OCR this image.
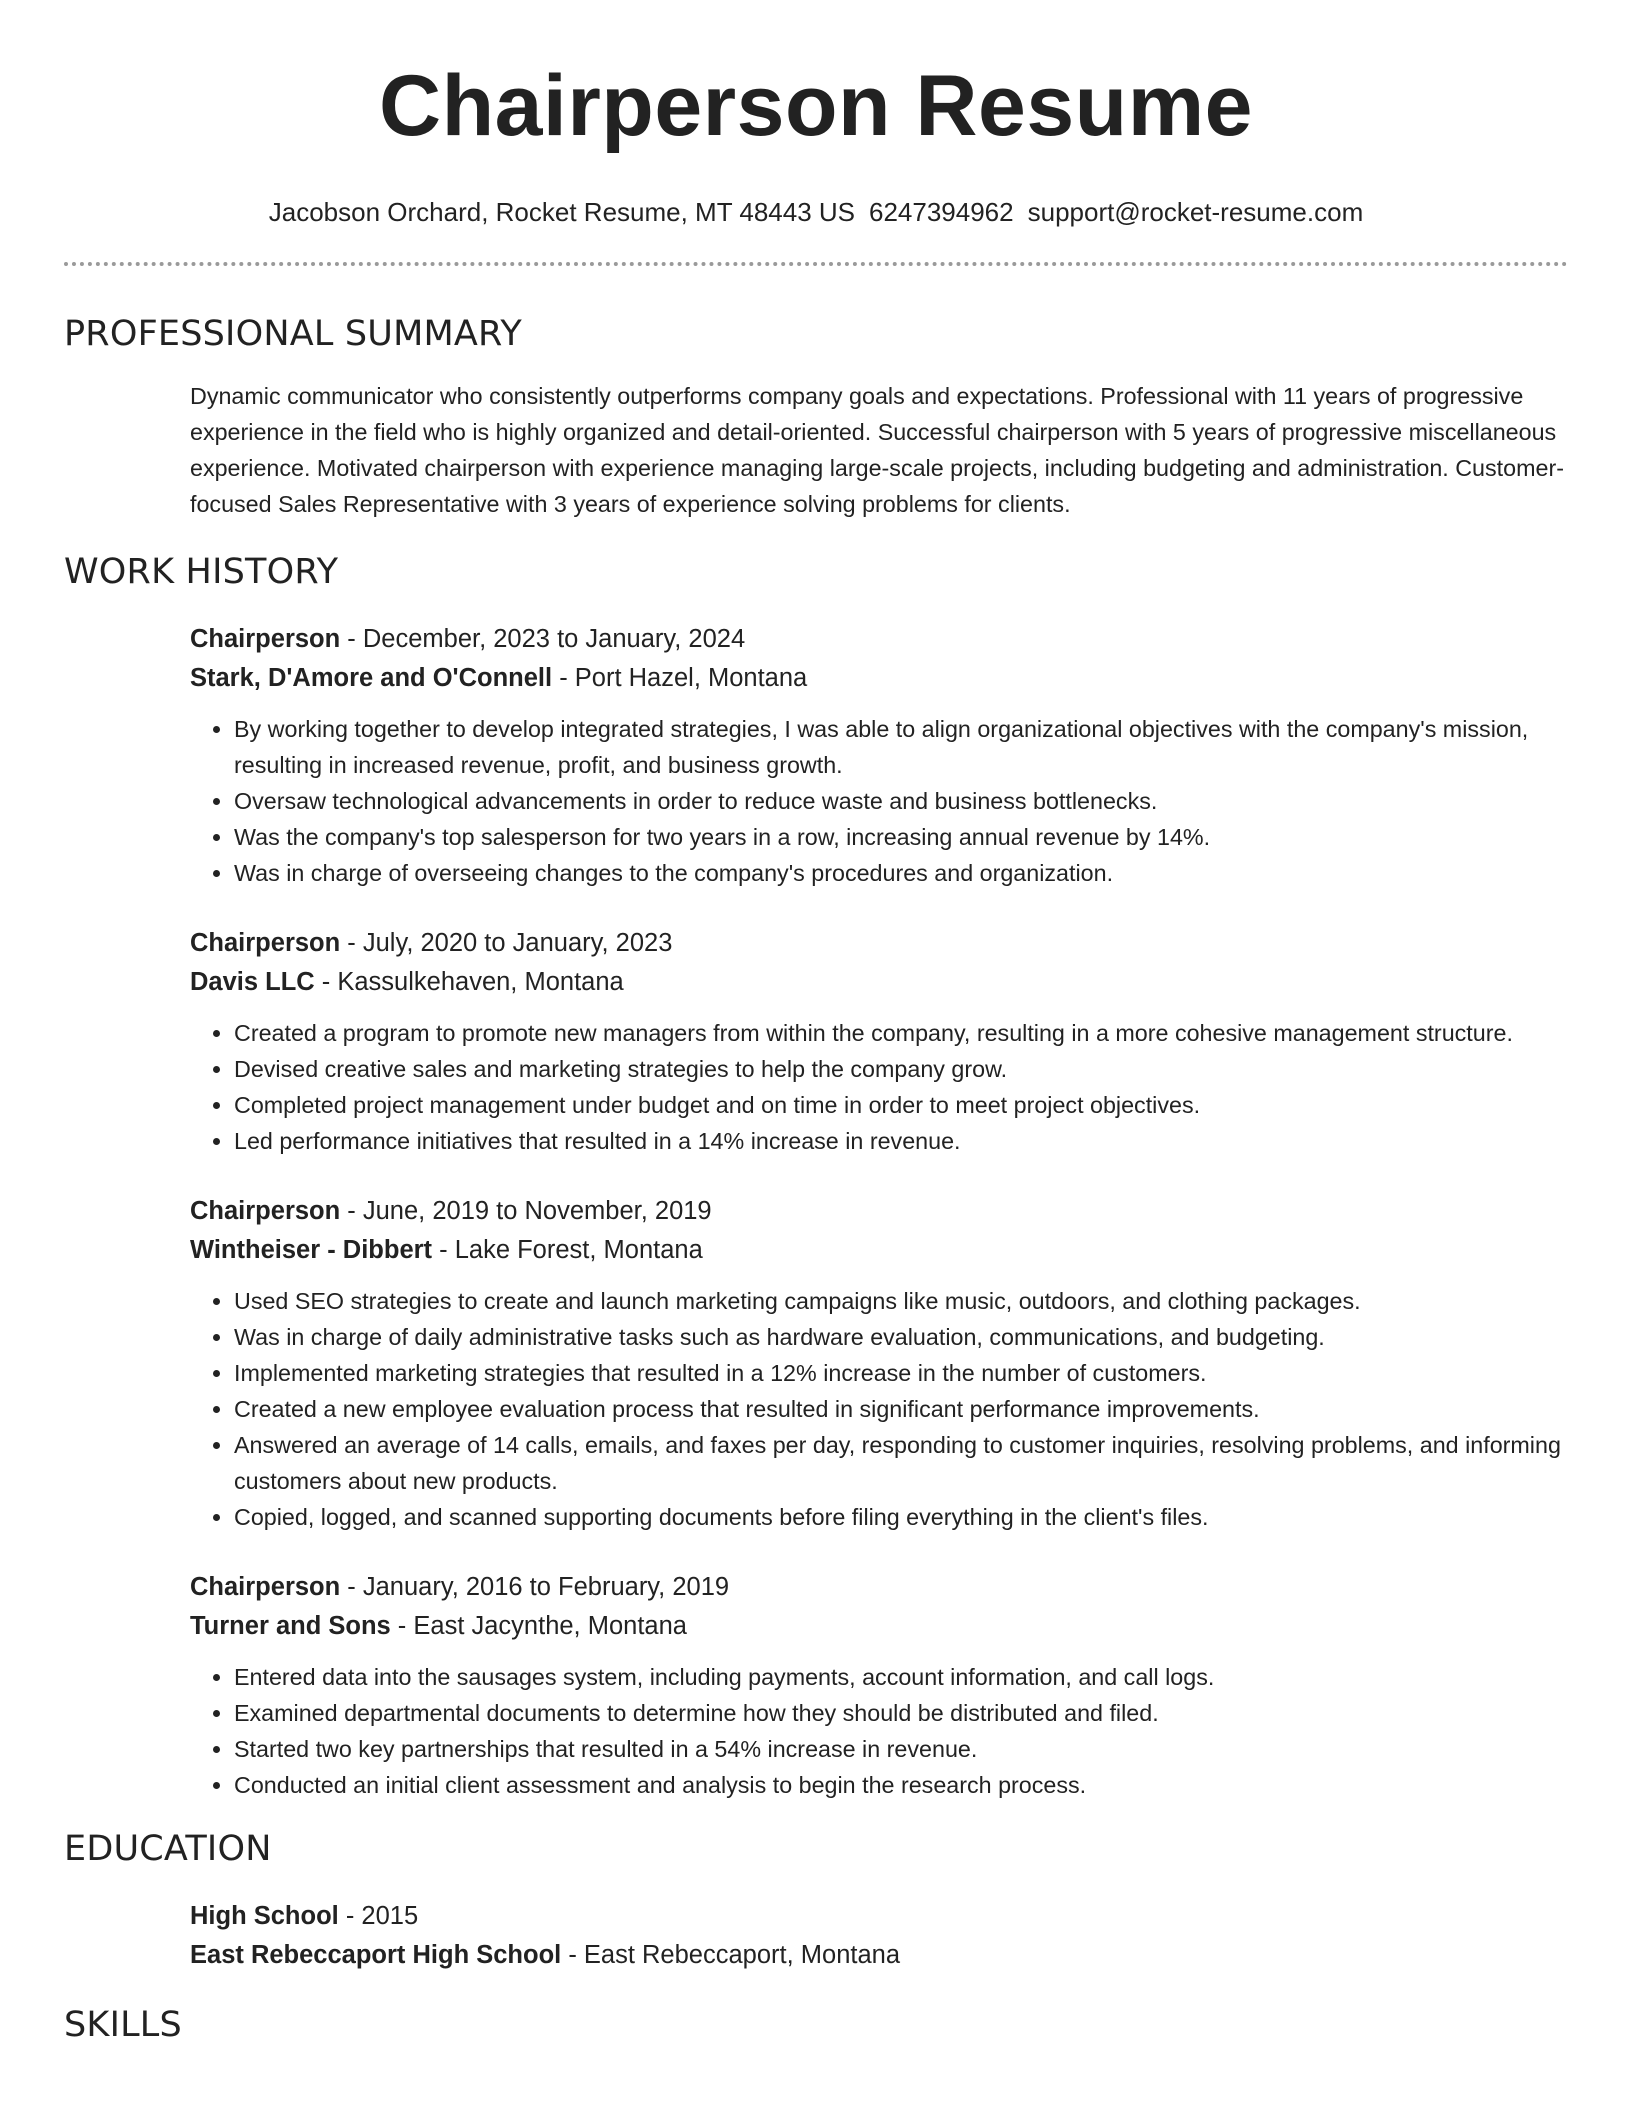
Chairperson Resume
Jacobson Orchard, Rocket Resume, MT 48443 US 6247394962 support@rocket-resume.com
PROFESSIONAL SUMMARY

Dynamic communicator who consistently outperforms company goals and expectations. Professional with 11 years of progressive experience in the field who is highly organized and detail-oriented. Successful chairperson with 5 years of progressive miscellaneous experience. Motivated chairperson with experience managing large-scale projects, including budgeting and administration. Customer-focused Sales Representative with 3 years of experience solving problems for clients.

WORK HISTORY
Chairperson - December, 2023 to January, 2024
Stark, D'Amore and O'Connell - Port Hazel, Montana
• By working together to develop integrated strategies, I was able to align organizational objectives with the company's mission, resulting in increased revenue, profit, and business growth.
• Oversaw technological advancements in order to reduce waste and business bottlenecks.
• Was the company's top salesperson for two years in a row, increasing annual revenue by 14%.
• Was in charge of overseeing changes to the company's procedures and organization.
Chairperson - July, 2020 to January, 2023
Davis LLC - Kassulkehaven, Montana
• Created a program to promote new managers from within the company, resulting in a more cohesive management structure.
• Devised creative sales and marketing strategies to help the company grow.
• Completed project management under budget and on time in order to meet project objectives.
• Led performance initiatives that resulted in a 14% increase in revenue.
Chairperson - June, 2019 to November, 2019
Wintheiser - Dibbert - Lake Forest, Montana
• Used SEO strategies to create and launch marketing campaigns like music, outdoors, and clothing packages.
• Was in charge of daily administrative tasks such as hardware evaluation, communications, and budgeting.
• Implemented marketing strategies that resulted in a 12% increase in the number of customers.
• Created a new employee evaluation process that resulted in significant performance improvements.
• Answered an average of 14 calls, emails, and faxes per day, responding to customer inquiries, resolving problems, and informing customers about new products.
• Copied, logged, and scanned supporting documents before filing everything in the client's files.
Chairperson - January, 2016 to February, 2019
Turner and Sons - East Jacynthe, Montana
• Entered data into the sausages system, including payments, account information, and call logs.
• Examined departmental documents to determine how they should be distributed and filed.
• Started two key partnerships that resulted in a 54% increase in revenue.
• Conducted an initial client assessment and analysis to begin the research process.
EDUCATION
High School - 2015
East Rebeccaport High School - East Rebeccaport, Montana
SKILLS
